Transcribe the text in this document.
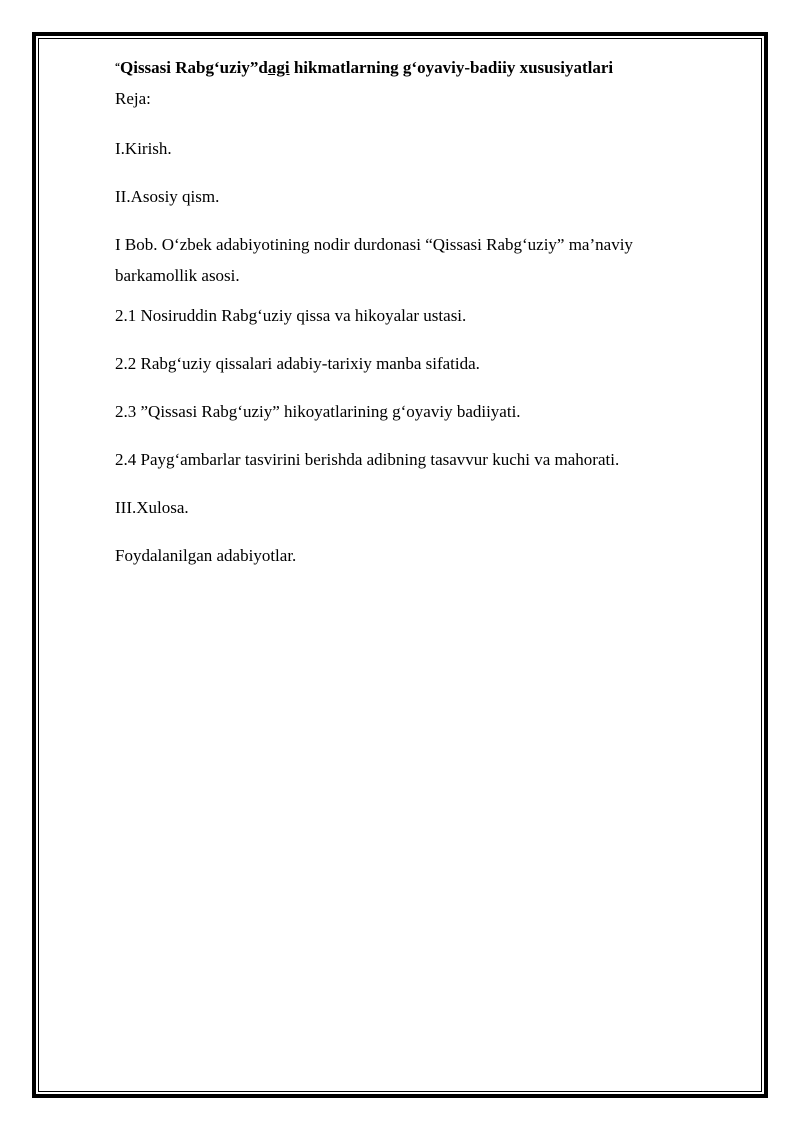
“Qissasi Rabg‘uziy”dagi hikmatlarning g‘oyaviy-badiiy xususiyatlari
Reja:
I.Kirish.
II.Asosiy qism.
I Bob. O‘zbek adabiyotining nodir durdonasi “Qissasi Rabg‘uziy” ma’naviy barkamollik asosi.
2.1 Nosiruddin Rabg‘uziy qissa va hikoyalar ustasi.
2.2 Rabg‘uziy qissalari adabiy-tarixiy manba sifatida.
2.3 ”Qissasi Rabg‘uziy” hikoyatlarining g‘oyaviy badiiyati.
2.4 Payg‘ambarlar tasvirini berishda adibning tasavvur kuchi va mahorati.
III.Xulosa.
Foydalanilgan adabiyotlar.
